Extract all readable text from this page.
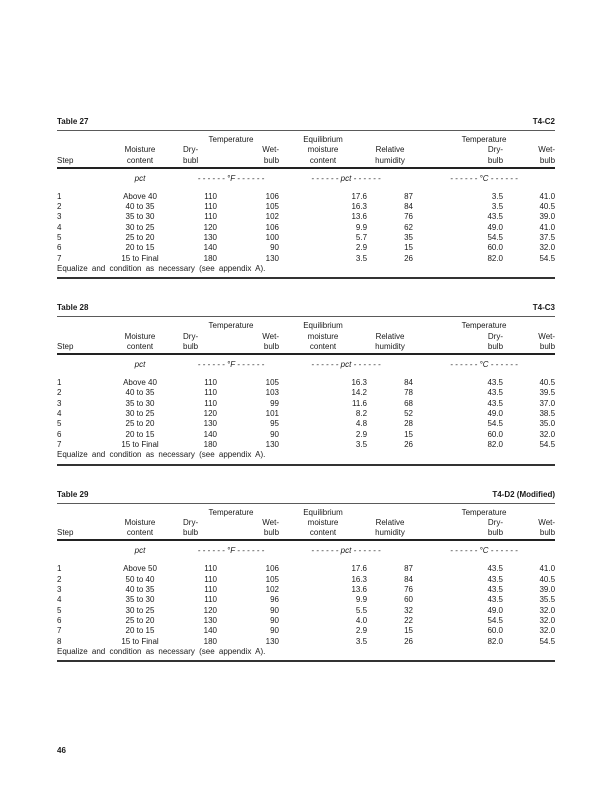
Table 27	T4-C2
		Temperature		Equilibrium		Temperature	
	Moisture	Dry-	Wet-	moisture	Relative	Dry-	Wet-
Step	content	bubl	bulb	content	humidity	bulb	bulb
	pct	- - - - - - °F - - - - - -		- - - - - - pct - - - - - -		- - - - - - °C - - - - - -	
1	Above 40	110	106	17.6	87	3.5	41.0
2	40 to 35	110	105	16.3	84	3.5	40.5
3	35 to 30	110	102	13.6	76	43.5	39.0
4	30 to 25	120	106	9.9	62	49.0	41.0
5	25 to 20	130	100	5.7	35	54.5	37.5
6	20 to 15	140	90	2.9	15	60.0	32.0
7	15 to Final	180	130	3.5	26	82.0	54.5
Equalize and condition as necessary (see appendix A).							
Table 28	T4-C3
		Temperature		Equilibrium		Temperature	
	Moisture	Dry-	Wet-	moisture	Relative	Dry-	Wet-
Step	content	bulb	bulb	content	humidity	bulb	bulb
	pct	- - - - - - °F - - - - - -		- - - - - - pct - - - - - -		- - - - - - °C - - - - - -	
1	Above 40	110	105	16.3	84	43.5	40.5
2	40 to 35	110	103	14.2	78	43.5	39.5
3	35 to 30	110	99	11.6	68	43.5	37.0
4	30 to 25	120	101	8.2	52	49.0	38.5
5	25 to 20	130	95	4.8	28	54.5	35.0
6	20 to 15	140	90	2.9	15	60.0	32.0
7	15 to Final	180	130	3.5	26	82.0	54.5
Equalize and condition as necessary (see appendix A).							
Table 29	T4-D2 (Modified)
		Temperature		Equilibrium		Temperature	
	Moisture	Dry-	Wet-	moisture	Relative	Dry-	Wet-
Step	content	bulb	bulb	content	humidity	bulb	bulb
	pct	- - - - - - °F - - - - - -		- - - - - - pct - - - - - -		- - - - - - °C - - - - - -	
1	Above 50	110	106	17.6	87	43.5	41.0
2	50 to 40	110	105	16.3	84	43.5	40.5
3	40 to 35	110	102	13.6	76	43.5	39.0
4	35 to 30	110	96	9.9	60	43.5	35.5
5	30 to 25	120	90	5.5	32	49.0	32.0
6	25 to 20	130	90	4.0	22	54.5	32.0
7	20 to 15	140	90	2.9	15	60.0	32.0
8	15 to Final	180	130	3.5	26	82.0	54.5
Equalize and condition as necessary (see appendix A).							
46
